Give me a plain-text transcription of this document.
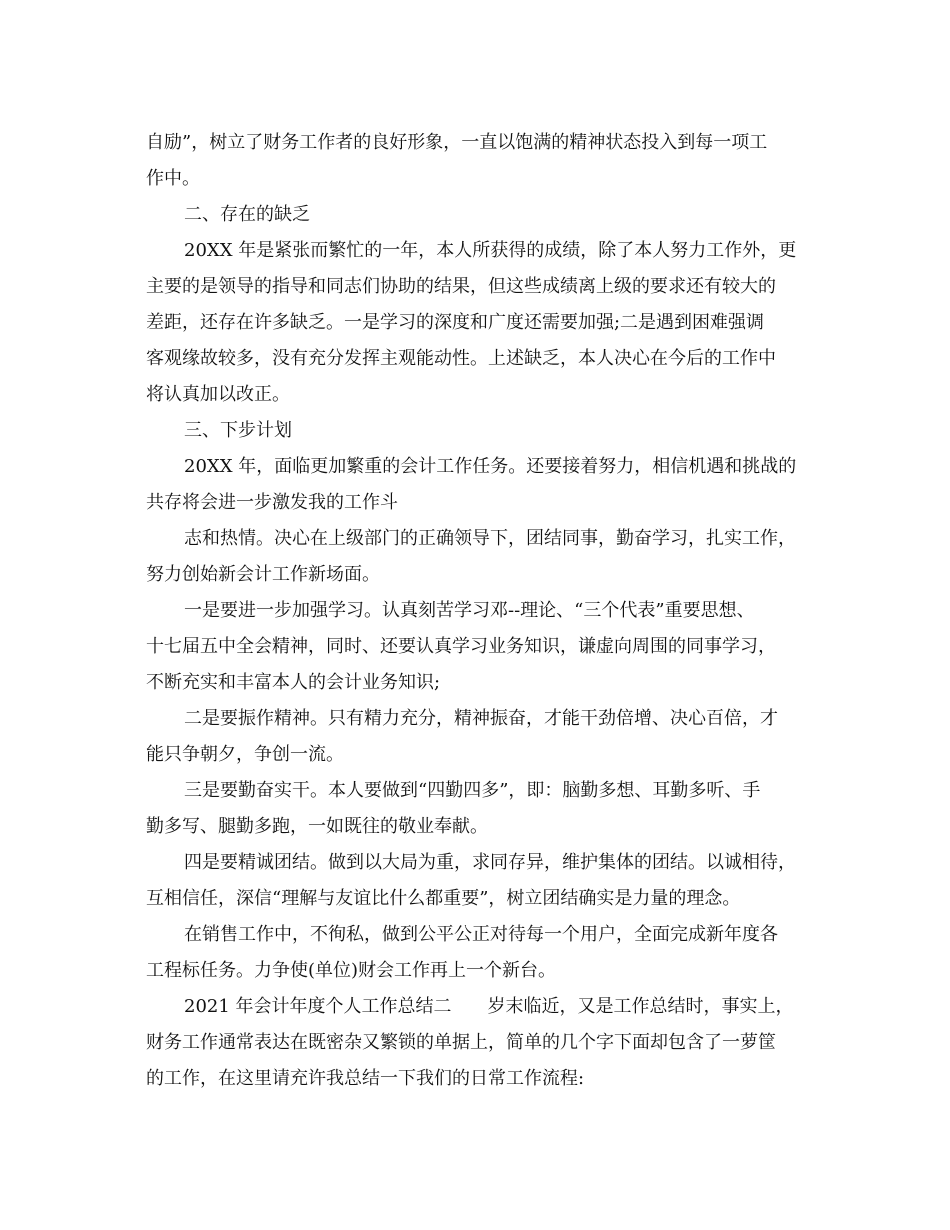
自励”，树立了财务工作者的良好形象，一直以饱满的精神状态投入到每一项工
作中。
二、存在的缺乏
20XX 年是紧张而繁忙的一年，本人所获得的成绩，除了本人努力工作外，更
主要的是领导的指导和同志们协助的结果，但这些成绩离上级的要求还有较大的
差距，还存在许多缺乏。一是学习的深度和广度还需要加强;二是遇到困难强调
客观缘故较多，没有充分发挥主观能动性。上述缺乏，本人决心在今后的工作中
将认真加以改正。
三、下步计划
20XX 年，面临更加繁重的会计工作任务。还要接着努力，相信机遇和挑战的
共存将会进一步激发我的工作斗
志和热情。决心在上级部门的正确领导下，团结同事，勤奋学习，扎实工作，
努力创始新会计工作新场面。
一是要进一步加强学习。认真刻苦学习邓--理论、“三个代表”重要思想、
十七届五中全会精神，同时、还要认真学习业务知识，谦虚向周围的同事学习，
不断充实和丰富本人的会计业务知识;
二是要振作精神。只有精力充分，精神振奋，才能干劲倍增、决心百倍，才
能只争朝夕，争创一流。
三是要勤奋实干。本人要做到“四勤四多”，即：脑勤多想、耳勤多听、手
勤多写、腿勤多跑，一如既往的敬业奉献。
四是要精诚团结。做到以大局为重，求同存异，维护集体的团结。以诚相待，
互相信任，深信“理解与友谊比什么都重要”，树立团结确实是力量的理念。
在销售工作中，不徇私，做到公平公正对待每一个用户，全面完成新年度各
工程标任务。力争使(单位)财会工作再上一个新台。
2021 年会计年度个人工作总结二　　岁末临近，又是工作总结时，事实上，
财务工作通常表达在既密杂又繁锁的单据上，简单的几个字下面却包含了一萝筐
的工作，在这里请充许我总结一下我们的日常工作流程:
